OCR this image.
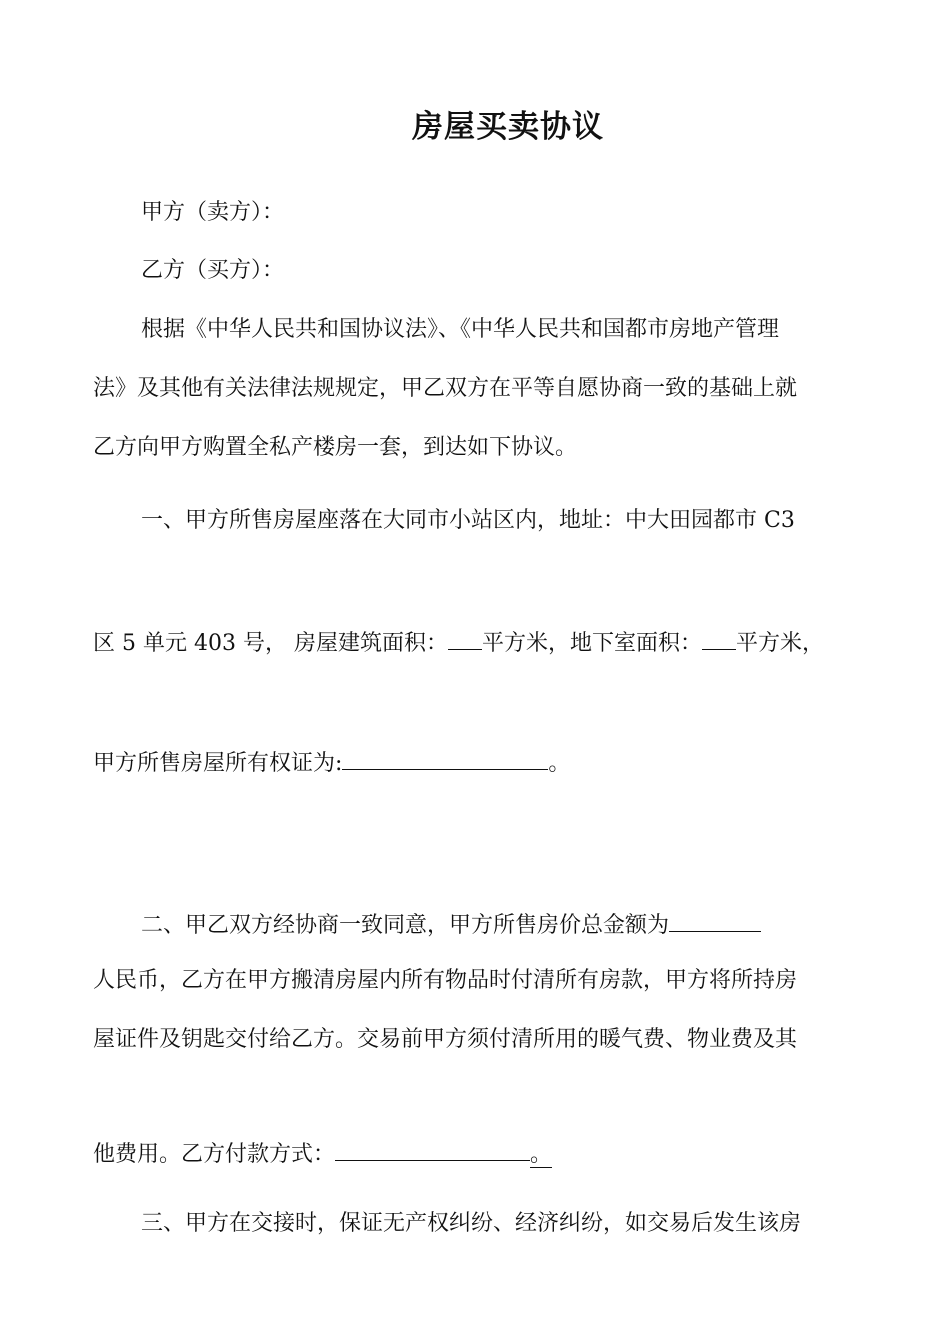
房屋买卖协议
甲方（卖方）：
乙方（买方）：
根据《中华人民共和国协议法》、《中华人民共和国都市房地产管理
法》及其他有关法律法规规定，甲乙双方在平等自愿协商一致的基础上就
乙方向甲方购置全私产楼房一套，到达如下协议。
一、甲方所售房屋座落在大同市小站区内，地址：中大田园都市 C3
区 5 单元 403 号， 房屋建筑面积： 平方米，地下室面积： 平方米，
甲方所售房屋所有权证为:	。
二、甲乙双方经协商一致同意，甲方所售房价总金额为
人民币，乙方在甲方搬清房屋内所有物品时付清所有房款，甲方将所持房
屋证件及钥匙交付给乙方。交易前甲方须付清所用的暖气费、物业费及其
他费用。乙方付款方式：	。
三、甲方在交接时，保证无产权纠纷、经济纠纷，如交易后发生该房
